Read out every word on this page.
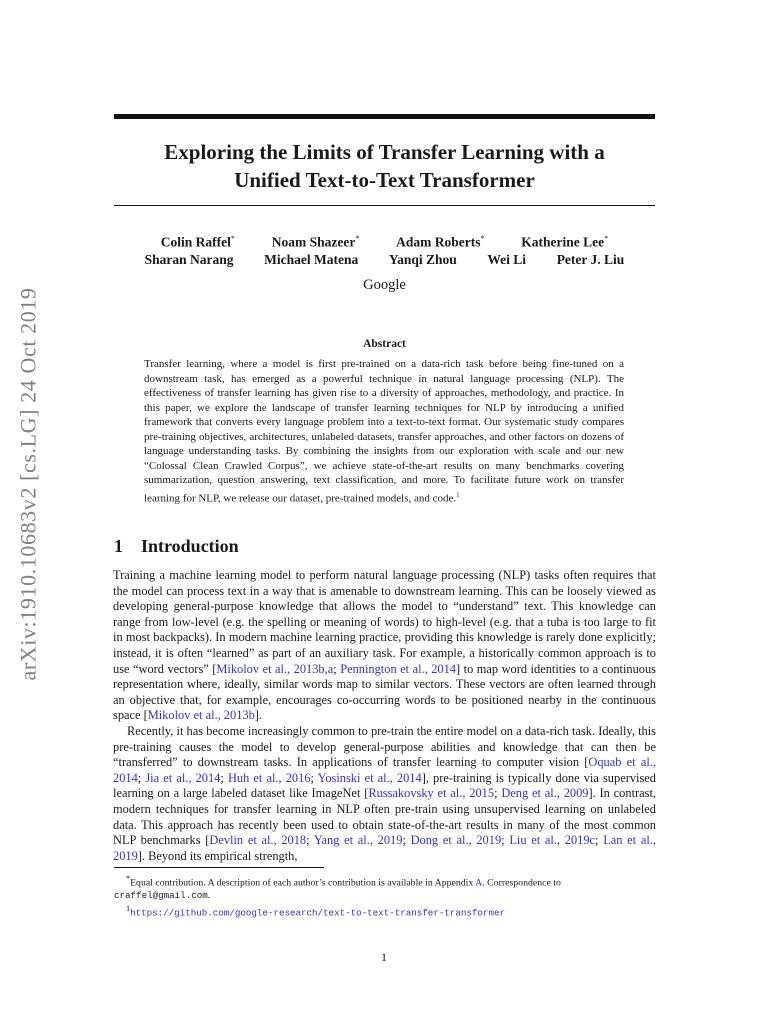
arXiv:1910.10683v2 [cs.LG] 24 Oct 2019
Exploring the Limits of Transfer Learning with a
Unified Text-to-Text Transformer
Colin Raffel*	Noam Shazeer*	Adam Roberts*	Katherine Lee*
Sharan Narang Michael Matena Yanqi Zhou Wei Li Peter J. Liu
Google
Abstract
Transfer learning, where a model is first pre-trained on a data-rich task before being fine-tuned on a downstream task, has emerged as a powerful technique in natural language processing (NLP). The effectiveness of transfer learning has given rise to a diversity of approaches, methodology, and practice. In this paper, we explore the landscape of transfer learning techniques for NLP by introducing a unified framework that converts every language problem into a text-to-text format. Our systematic study compares pre-training objectives, architectures, unlabeled datasets, transfer approaches, and other factors on dozens of language understanding tasks. By combining the insights from our exploration with scale and our new “Colossal Clean Crawled Corpus”, we achieve state-of-the-art results on many benchmarks covering summarization, question answering, text classification, and more. To facilitate future work on transfer learning for NLP, we release our dataset, pre-trained models, and code.$^1$
1 Introduction

Training a machine learning model to perform natural language processing (NLP) tasks often requires that the model can process text in a way that is amenable to downstream learning. This can be loosely viewed as developing general-purpose knowledge that allows the model to “understand” text. This knowledge can range from low-level (e.g. the spelling or meaning of words) to high-level (e.g. that a tuba is too large to fit in most backpacks). In modern machine learning practice, providing this knowledge is rarely done explicitly; instead, it is often “learned” as part of an auxiliary task. For example, a historically common approach is to use “word vectors” [Mikolov et al., 2013b,a; Pennington et al., 2014] to map word identities to a continuous representation where, ideally, similar words map to similar vectors. These vectors are often learned through an objective that, for example, encourages co-occurring words to be positioned nearby in the continuous space [Mikolov et al., 2013b].

Recently, it has become increasingly common to pre-train the entire model on a data-rich task. Ideally, this pre-training causes the model to develop general-purpose abilities and knowledge that can then be “transferred” to downstream tasks. In applications of transfer learning to computer vision [Oquab et al., 2014; Jia et al., 2014; Huh et al., 2016; Yosinski et al., 2014], pre-training is typically done via supervised learning on a large labeled dataset like ImageNet [Russakovsky et al., 2015; Deng et al., 2009]. In contrast, modern techniques for transfer learning in NLP often pre-train using unsupervised learning on unlabeled data. This approach has recently been used to obtain state-of-the-art results in many of the most common NLP benchmarks [Devlin et al., 2018; Yang et al., 2019; Dong et al., 2019; Liu et al., 2019c; Lan et al., 2019]. Beyond its empirical strength,

*Equal contribution. A description of each author’s contribution is available in Appendix A. Correspondence to
craffel@gmail.com.

$^1$https://github.com/google-research/text-to-text-transfer-transformer

1
